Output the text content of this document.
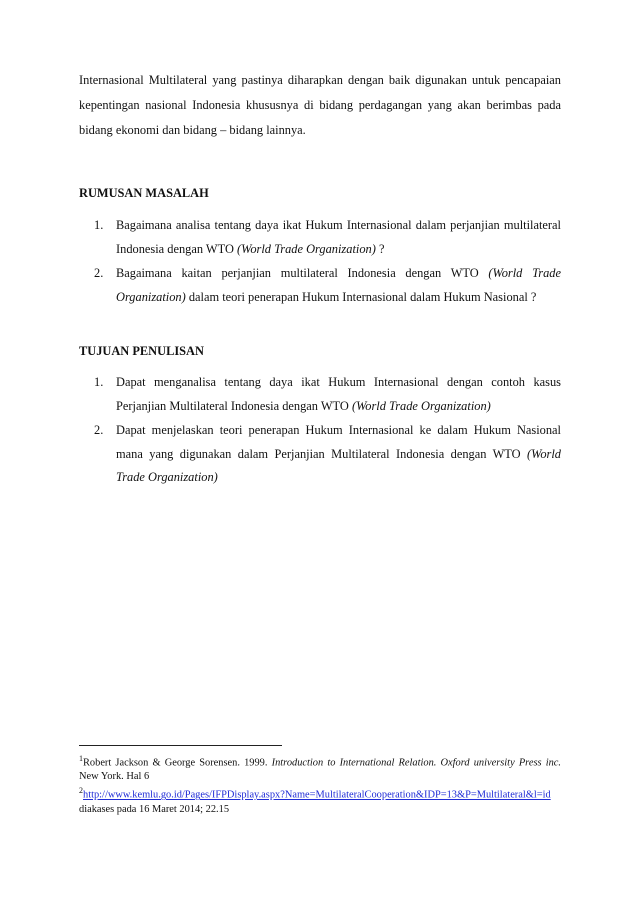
Internasional Multilateral yang pastinya diharapkan dengan baik digunakan untuk pencapaian kepentingan nasional Indonesia khususnya di bidang perdagangan yang akan berimbas pada bidang ekonomi dan bidang – bidang lainnya.

RUMUSAN MASALAH

1. Bagaimana analisa tentang daya ikat Hukum Internasional dalam perjanjian multilateral Indonesia dengan WTO (World Trade Organization) ?
2. Bagaimana kaitan perjanjian multilateral Indonesia dengan WTO (World Trade Organization) dalam teori penerapan Hukum Internasional dalam Hukum Nasional ?

TUJUAN PENULISAN

1. Dapat menganalisa tentang daya ikat Hukum Internasional dengan contoh kasus Perjanjian Multilateral Indonesia dengan WTO (World Trade Organization)
2. Dapat menjelaskan teori penerapan Hukum Internasional ke dalam Hukum Nasional mana yang digunakan dalam Perjanjian Multilateral Indonesia dengan WTO (World Trade Organization)

$^1$Robert Jackson & George Sorensen. 1999. Introduction to International Relation. Oxford university Press inc. New York. Hal 6

$^2$http://www.kemlu.go.id/Pages/IFPDisplay.aspx?Name=MultilateralCooperation&IDP=13&P=Multilateral&l=id diakases pada 16 Maret 2014; 22.15
